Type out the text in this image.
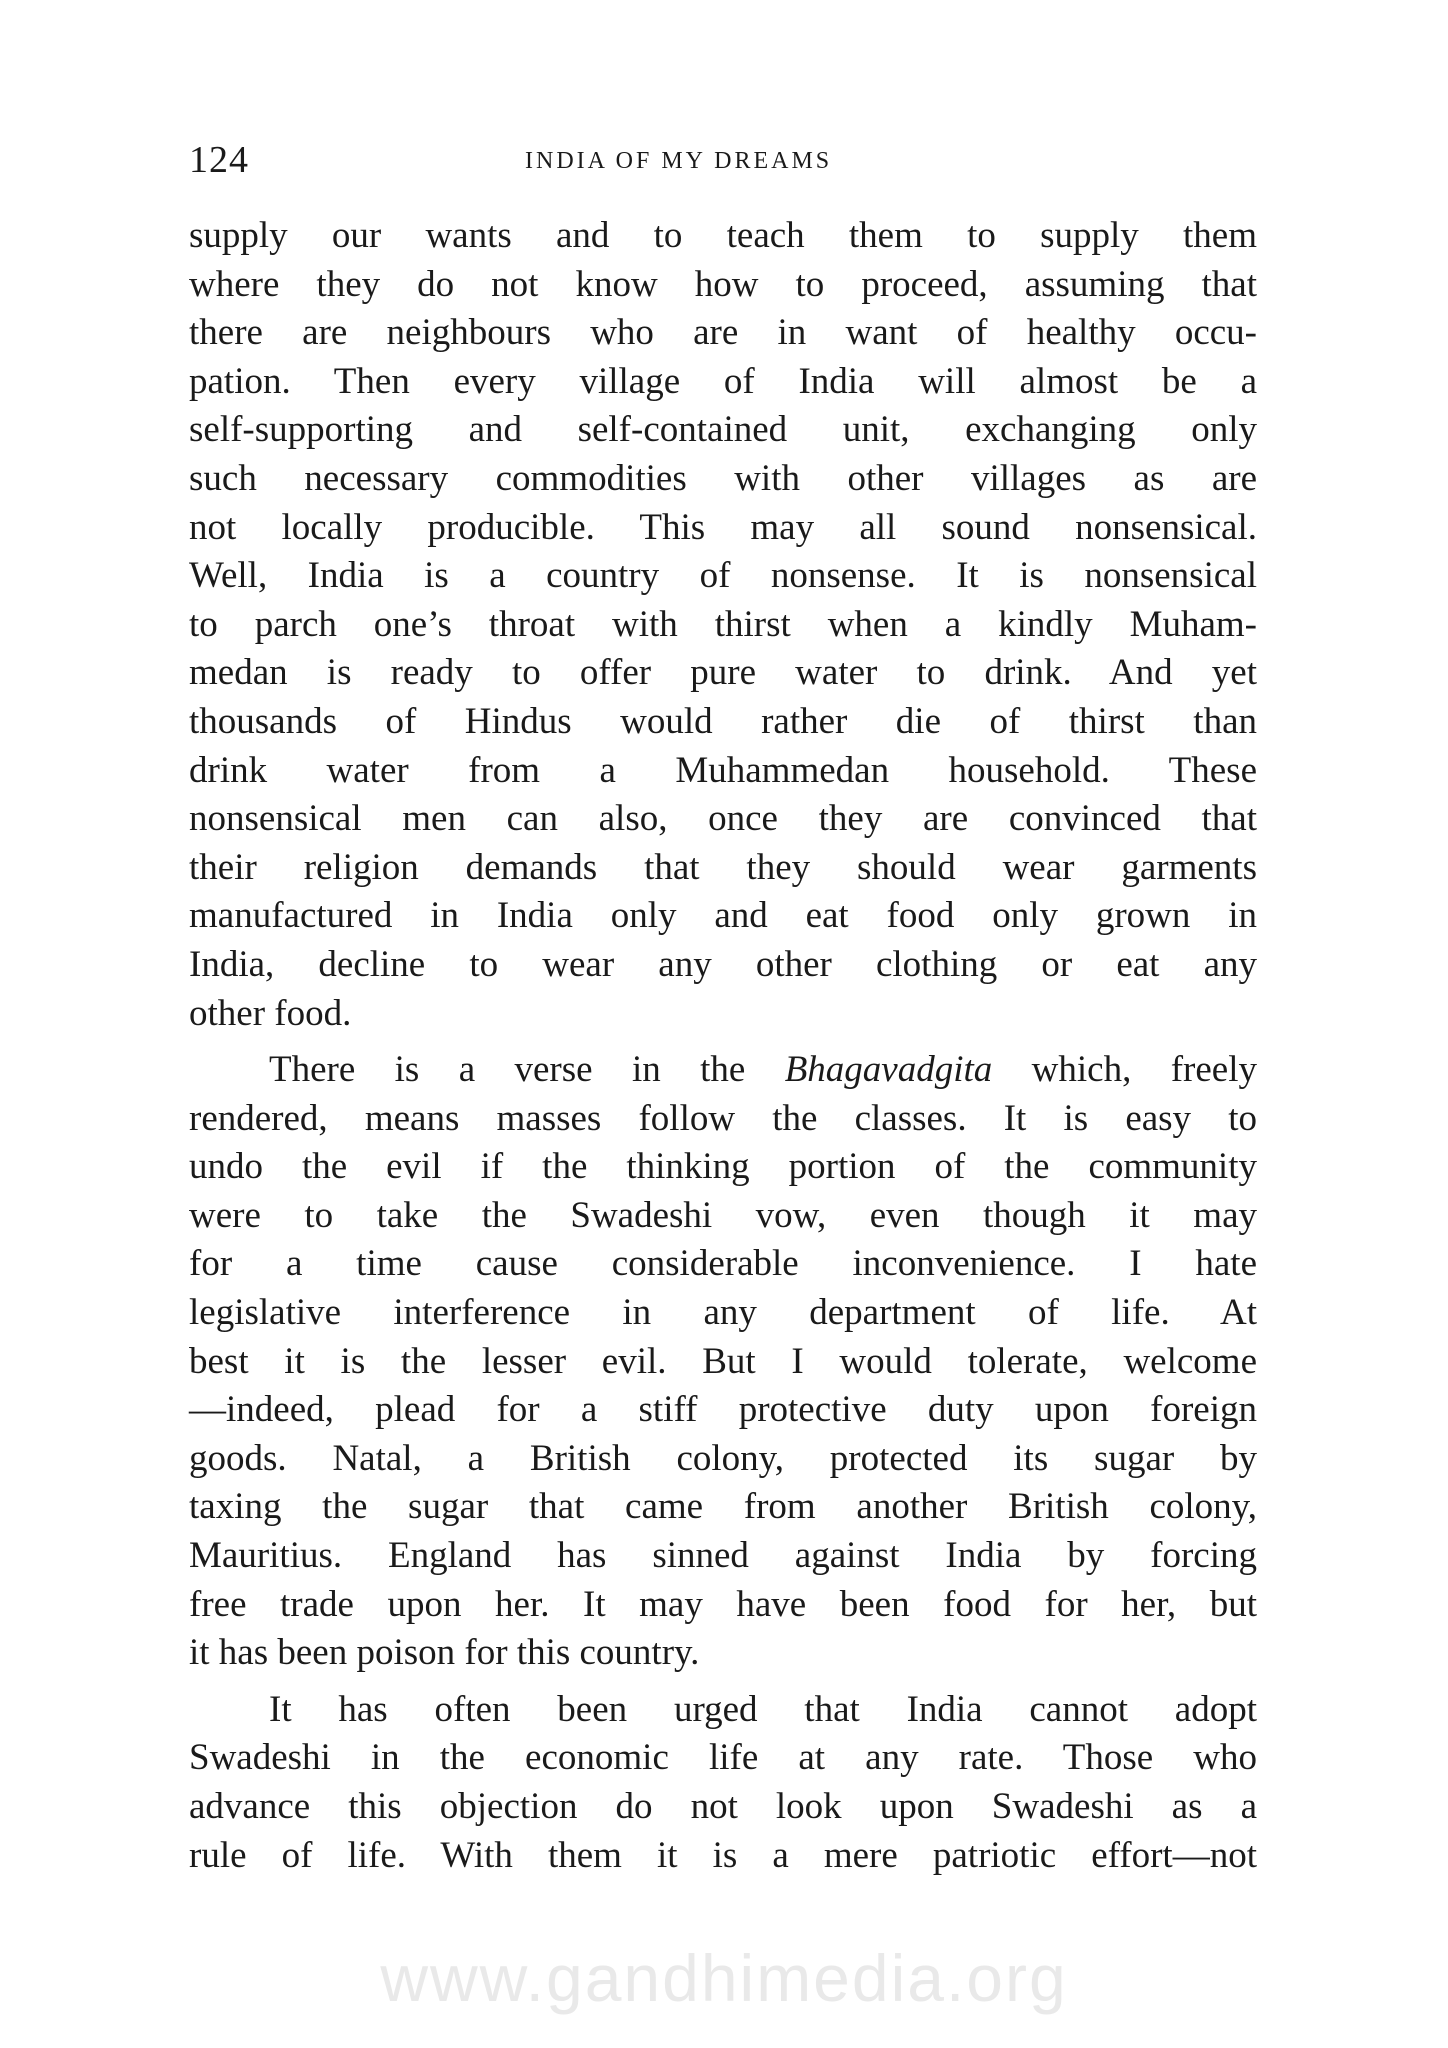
124	INDIA OF MY DREAMS
supply our wants and to teach them to supply them
where they do not know how to proceed, assuming that
there are neighbours who are in want of healthy occu-
pation. Then every village of India will almost be a
self-supporting and self-contained unit, exchanging only
such necessary commodities with other villages as are
not locally producible. This may all sound nonsensical.
Well, India is a country of nonsense. It is nonsensical
to parch one’s throat with thirst when a kindly Muham-
medan is ready to offer pure water to drink. And yet
thousands of Hindus would rather die of thirst than
drink water from a Muhammedan household. These
nonsensical men can also, once they are convinced that
their religion demands that they should wear garments
manufactured in India only and eat food only grown in
India, decline to wear any other clothing or eat any
other food.
There is a verse in the Bhagavadgita which, freely
rendered, means masses follow the classes. It is easy to
undo the evil if the thinking portion of the community
were to take the Swadeshi vow, even though it may
for a time cause considerable inconvenience. I hate
legislative interference in any department of life. At
best it is the lesser evil. But I would tolerate, welcome
—indeed, plead for a stiff protective duty upon foreign
goods. Natal, a British colony, protected its sugar by
taxing the sugar that came from another British colony,
Mauritius. England has sinned against India by forcing
free trade upon her. It may have been food for her, but
it has been poison for this country.
It has often been urged that India cannot adopt
Swadeshi in the economic life at any rate. Those who
advance this objection do not look upon Swadeshi as a
rule of life. With them it is a mere patriotic effort—not
www.gandhimedia.org
